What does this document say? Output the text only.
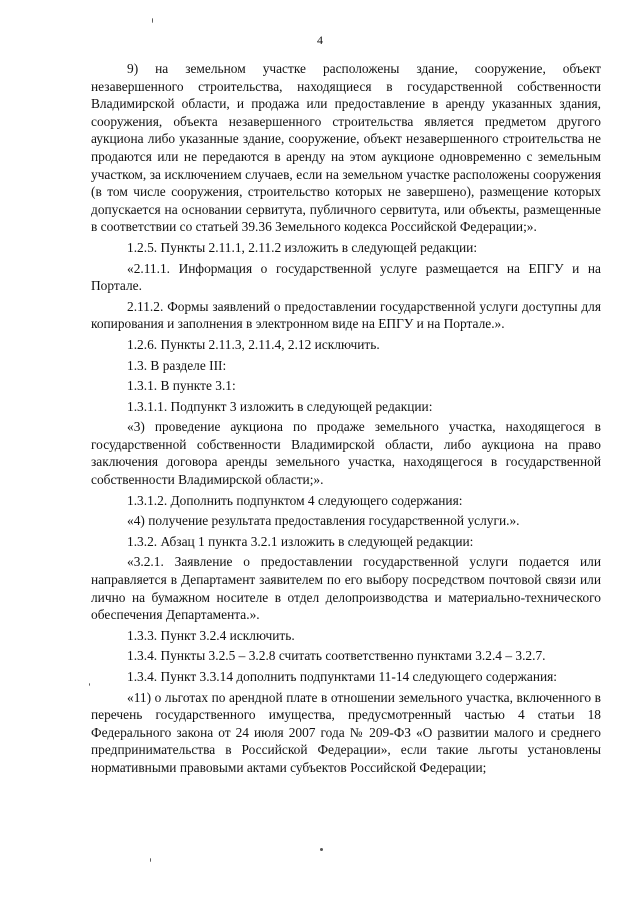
4

9) на земельном участке расположены здание, сооружение, объект незавершенного строительства, находящиеся в государственной собственности Владимирской области, и продажа или предоставление в аренду указанных здания, сооружения, объекта незавершенного строительства является предметом другого аукциона либо указанные здание, сооружение, объект незавершенного строительства не продаются или не передаются в аренду на этом аукционе одновременно с земельным участком, за исключением случаев, если на земельном участке расположены сооружения (в том числе сооружения, строительство которых не завершено), размещение которых допускается на основании сервитута, публичного сервитута, или объекты, размещенные в соответствии со статьей 39.36 Земельного кодекса Российской Федерации;».

1.2.5. Пункты 2.11.1, 2.11.2 изложить в следующей редакции:

«2.11.1. Информация о государственной услуге размещается на ЕПГУ и на Портале.

2.11.2. Формы заявлений о предоставлении государственной услуги доступны для копирования и заполнения в электронном виде на ЕПГУ и на Портале.».

1.2.6. Пункты 2.11.3, 2.11.4, 2.12 исключить.

1.3. В разделе III:

1.3.1. В пункте 3.1:

1.3.1.1. Подпункт 3 изложить в следующей редакции:

«3) проведение аукциона по продаже земельного участка, находящегося в государственной собственности Владимирской области, либо аукциона на право заключения договора аренды земельного участка, находящегося в государственной собственности Владимирской области;».

1.3.1.2. Дополнить подпунктом 4 следующего содержания:

«4) получение результата предоставления государственной услуги.».

1.3.2. Абзац 1 пункта 3.2.1 изложить в следующей редакции:

«3.2.1. Заявление о предоставлении государственной услуги подается или направляется в Департамент заявителем по его выбору посредством почтовой связи или лично на бумажном носителе в отдел делопроизводства и материально-технического обеспечения Департамента.».

1.3.3. Пункт 3.2.4 исключить.

1.3.4. Пункты 3.2.5 – 3.2.8 считать соответственно пунктами 3.2.4 – 3.2.7.

1.3.4. Пункт 3.3.14 дополнить подпунктами 11-14 следующего содержания:

«11) о льготах по арендной плате в отношении земельного участка, включенного в перечень государственного имущества, предусмотренный частью 4 статьи 18 Федерального закона от 24 июля 2007 года № 209-ФЗ «О развитии малого и среднего предпринимательства в Российской Федерации», если такие льготы установлены нормативными правовыми актами субъектов Российской Федерации;
